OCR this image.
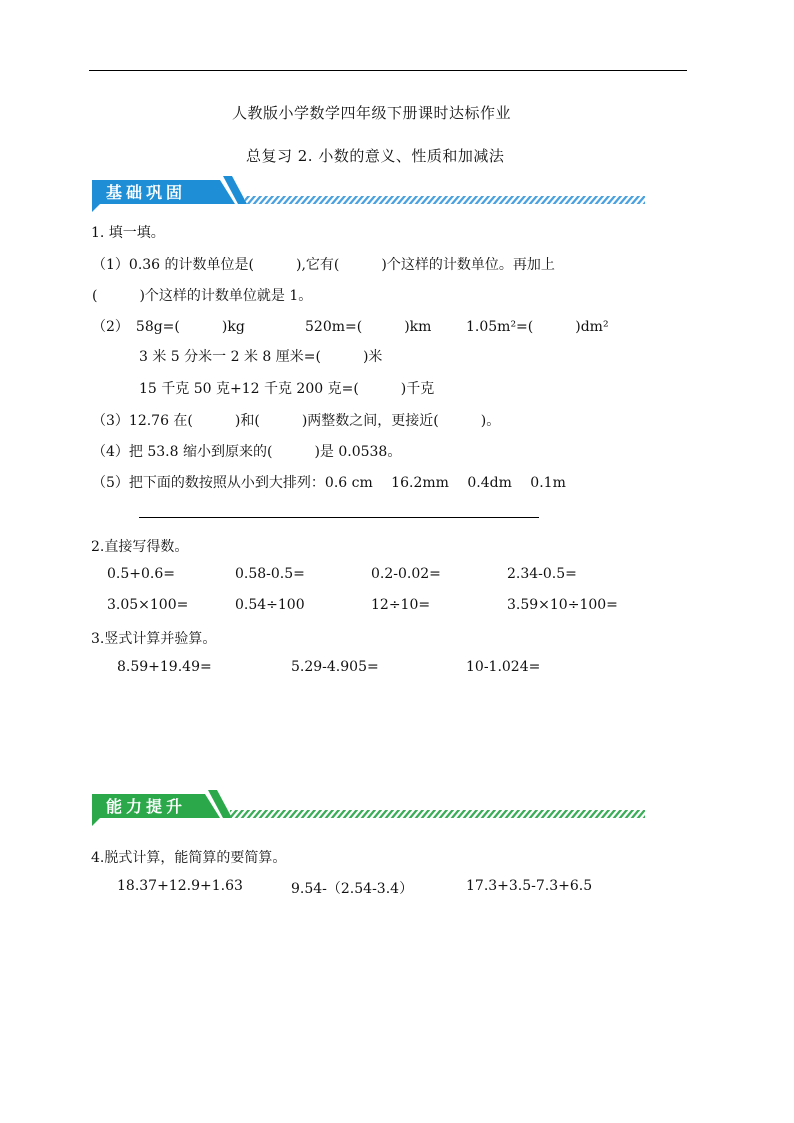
人教版小学数学四年级下册课时达标作业
总复习 2. 小数的意义、性质和加减法
基础巩固
1. 填一填。
（1）0.36 的计数单位是(　　　),它有(　　　)个这样的计数单位。再加上
(　　　)个这样的计数单位就是 1。
（2）　58g=(　　　)kg	520m=(　　　)km 1.05m²=(　　　)dm²
3 米 5 分米一 2 米 8 厘米=(　　　)米
15 千克 50 克+12 千克 200 克=(　　　)千克
（3）12.76 在(　　　)和(　　　)两整数之间，更接近(　　　)。
（4）把 53.8 缩小到原来的(　　　)是 0.0538。
（5）把下面的数按照从小到大排列：0.6 cm　 16.2mm　 0.4dm　 0.1m
2.直接写得数。
0.5+0.6=	0.58-0.5=	0.2-0.02=	2.34-0.5=
3.05×100=	0.54÷100	12÷10=	3.59×10÷100=
3.竖式计算并验算。
8.59+19.49=	5.29-4.905=	10-1.024=
能力提升
4.脱式计算，能简算的要简算。
18.37+12.9+1.63	9.54-（2.54-3.4）	17.3+3.5-7.3+6.5
